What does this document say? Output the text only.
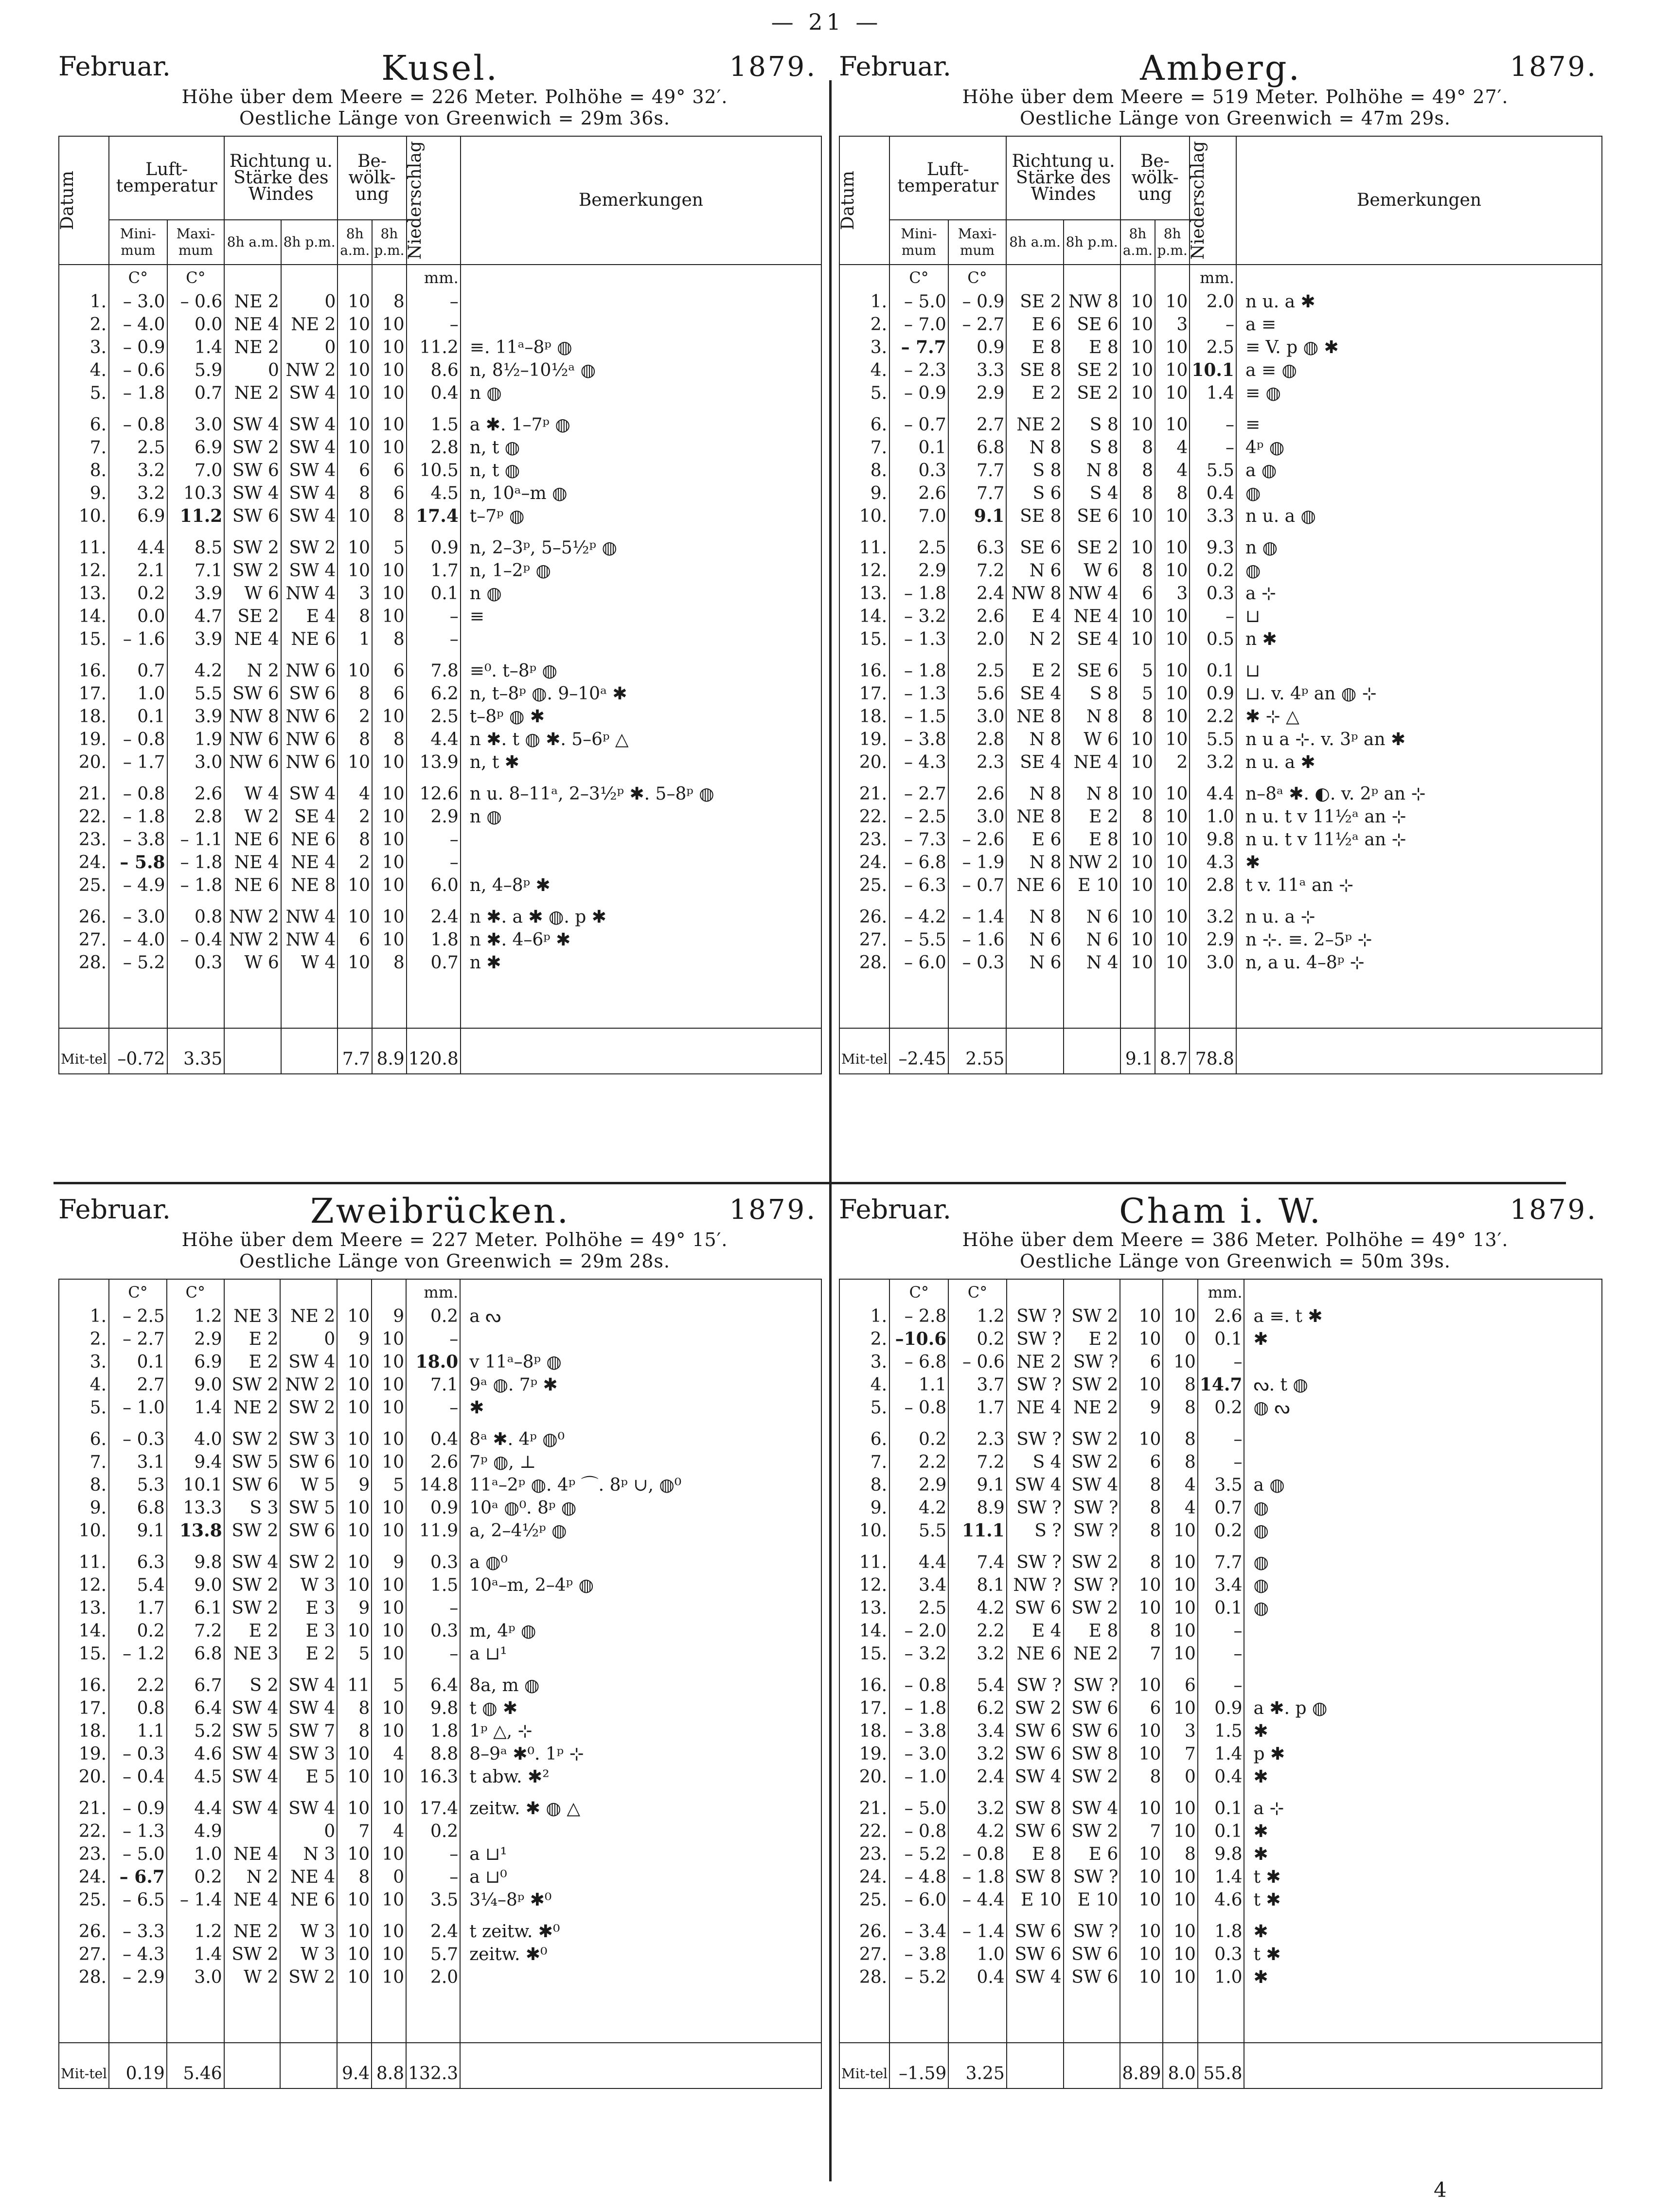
— 21 —
Februar.	Kusel.	1879.
Höhe über dem Meere = 226 Meter. Polhöhe = 49° 32′.
Oestliche Länge von Greenwich = 29m 36s.
Datum	Luft-temperatur		Richtung u. Stärke des Windes		Be-wölk-ung		Niederschlag	Bemerkungen
	Mini-mum	Maxi-mum	8h a.m.	8h p.m.	8h a.m.	8h p.m.		
	C°	C°					mm.	
1.	– 3.0	– 0.6	NE 2	0	10	8	–	
2.	– 4.0	0.0	NE 4	NE 2	10	10	–	
3.	– 0.9	1.4	NE 2	0	10	10	11.2	≡. 11ᵃ–8ᵖ ◍
4.	– 0.6	5.9	0	NW 2	10	10	8.6	n, 8½–10½ᵃ ◍
5.	– 1.8	0.7	NE 2	SW 4	10	10	0.4	n ◍
6.	– 0.8	3.0	SW 4	SW 4	10	10	1.5	a ✱. 1–7ᵖ ◍
7.	2.5	6.9	SW 2	SW 4	10	10	2.8	n, t ◍
8.	3.2	7.0	SW 6	SW 4	6	6	10.5	n, t ◍
9.	3.2	10.3	SW 4	SW 4	8	6	4.5	n, 10ᵃ–m ◍
10.	6.9	11.2	SW 6	SW 4	10	8	17.4	t–7ᵖ ◍
11.	4.4	8.5	SW 2	SW 2	10	5	0.9	n, 2–3ᵖ, 5–5½ᵖ ◍
12.	2.1	7.1	SW 2	SW 4	10	10	1.7	n, 1–2ᵖ ◍
13.	0.2	3.9	W 6	NW 4	3	10	0.1	n ◍
14.	0.0	4.7	SE 2	E 4	8	10	–	≡
15.	– 1.6	3.9	NE 4	NE 6	1	8	–	
16.	0.7	4.2	N 2	NW 6	10	6	7.8	≡⁰. t–8ᵖ ◍
17.	1.0	5.5	SW 6	SW 6	8	6	6.2	n, t–8ᵖ ◍. 9–10ᵃ ✱
18.	0.1	3.9	NW 8	NW 6	2	10	2.5	t–8ᵖ ◍ ✱
19.	– 0.8	1.9	NW 6	NW 6	8	8	4.4	n ✱. t ◍ ✱. 5–6ᵖ △
20.	– 1.7	3.0	NW 6	NW 6	10	10	13.9	n, t ✱
21.	– 0.8	2.6	W 4	SW 4	4	10	12.6	n u. 8–11ᵃ, 2–3½ᵖ ✱. 5–8ᵖ ◍
22.	– 1.8	2.8	W 2	SE 4	2	10	2.9	n ◍
23.	– 3.8	– 1.1	NE 6	NE 6	8	10	–	
24.	– 5.8	– 1.8	NE 4	NE 4	2	10	–	
25.	– 4.9	– 1.8	NE 6	NE 8	10	10	6.0	n, 4–8ᵖ ✱
26.	– 3.0	0.8	NW 2	NW 4	10	10	2.4	n ✱. a ✱ ◍. p ✱
27.	– 4.0	– 0.4	NW 2	NW 4	6	10	1.8	n ✱. 4–6ᵖ ✱
28.	– 5.2	0.3	W 6	W 4	10	8	0.7	n ✱

Mit-tel	–0.72	3.35			7.7	8.9	120.8	
Februar.	Amberg.	1879.
Höhe über dem Meere = 519 Meter. Polhöhe = 49° 27′.
Oestliche Länge von Greenwich = 47m 29s.
Datum	Luft-temperatur		Richtung u. Stärke des Windes		Be-wölk-ung		Niederschlag	Bemerkungen
	Mini-mum	Maxi-mum	8h a.m.	8h p.m.	8h a.m.	8h p.m.		
	C°	C°					mm.	
1.	– 5.0	– 0.9	SE 2	NW 8	10	10	2.0	n u. a ✱
2.	– 7.0	– 2.7	E 6	SE 6	10	3	–	a ≡
3.	– 7.7	0.9	E 8	E 8	10	10	2.5	≡ V. p ◍ ✱
4.	– 2.3	3.3	SE 8	SE 2	10	10	10.1	a ≡ ◍
5.	– 0.9	2.9	E 2	SE 2	10	10	1.4	≡ ◍
6.	– 0.7	2.7	NE 2	S 8	10	10	–	≡
7.	0.1	6.8	N 8	S 8	8	4	–	4ᵖ ◍
8.	0.3	7.7	S 8	N 8	8	4	5.5	a ◍
9.	2.6	7.7	S 6	S 4	8	8	0.4	◍
10.	7.0	9.1	SE 8	SE 6	10	10	3.3	n u. a ◍
11.	2.5	6.3	SE 6	SE 2	10	10	9.3	n ◍
12.	2.9	7.2	N 6	W 6	8	10	0.2	◍
13.	– 1.8	2.4	NW 8	NW 4	6	3	0.3	a ⊹
14.	– 3.2	2.6	E 4	NE 4	10	10	–	⊔
15.	– 1.3	2.0	N 2	SE 4	10	10	0.5	n ✱
16.	– 1.8	2.5	E 2	SE 6	5	10	0.1	⊔
17.	– 1.3	5.6	SE 4	S 8	5	10	0.9	⊔. v. 4ᵖ an ◍ ⊹
18.	– 1.5	3.0	NE 8	N 8	8	10	2.2	✱ ⊹ △
19.	– 3.8	2.8	N 8	W 6	10	10	5.5	n u a ⊹. v. 3ᵖ an ✱
20.	– 4.3	2.3	SE 4	NE 4	10	2	3.2	n u. a ✱
21.	– 2.7	2.6	N 8	N 8	10	10	4.4	n–8ᵃ ✱. ◐. v. 2ᵖ an ⊹
22.	– 2.5	3.0	NE 8	E 2	8	10	1.0	n u. t v 11½ᵃ an ⊹
23.	– 7.3	– 2.6	E 6	E 8	10	10	9.8	n u. t v 11½ᵃ an ⊹
24.	– 6.8	– 1.9	N 8	NW 2	10	10	4.3	✱
25.	– 6.3	– 0.7	NE 6	E 10	10	10	2.8	t v. 11ᵃ an ⊹
26.	– 4.2	– 1.4	N 8	N 6	10	10	3.2	n u. a ⊹
27.	– 5.5	– 1.6	N 6	N 6	10	10	2.9	n ⊹. ≡. 2–5ᵖ ⊹
28.	– 6.0	– 0.3	N 6	N 4	10	10	3.0	n, a u. 4–8ᵖ ⊹

Mit-tel	–2.45	2.55			9.1	8.7	78.8	
Februar.	Zweibrücken.	1879.
Höhe über dem Meere = 227 Meter. Polhöhe = 49° 15′.
Oestliche Länge von Greenwich = 29m 28s.
	C°	C°					mm.	
1.	– 2.5	1.2	NE 3	NE 2	10	9	0.2	a ᔓ
2.	– 2.7	2.9	E 2	0	9	10	–	
3.	0.1	6.9	E 2	SW 4	10	10	18.0	v 11ᵃ–8ᵖ ◍
4.	2.7	9.0	SW 2	NW 2	10	10	7.1	9ᵃ ◍. 7ᵖ ✱
5.	– 1.0	1.4	NE 2	SW 2	10	10	–	✱
6.	– 0.3	4.0	SW 2	SW 3	10	10	0.4	8ᵃ ✱. 4ᵖ ◍⁰
7.	3.1	9.4	SW 5	SW 6	10	10	2.6	7ᵖ ◍, ⊥
8.	5.3	10.1	SW 6	W 5	9	5	14.8	11ᵃ–2ᵖ ◍. 4ᵖ ⌒. 8ᵖ ∪, ◍⁰
9.	6.8	13.3	S 3	SW 5	10	10	0.9	10ᵃ ◍⁰. 8ᵖ ◍
10.	9.1	13.8	SW 2	SW 6	10	10	11.9	a, 2–4½ᵖ ◍
11.	6.3	9.8	SW 4	SW 2	10	9	0.3	a ◍⁰
12.	5.4	9.0	SW 2	W 3	10	10	1.5	10ᵃ–m, 2–4ᵖ ◍
13.	1.7	6.1	SW 2	E 3	9	10	–	
14.	0.2	7.2	E 2	E 3	10	10	0.3	m, 4ᵖ ◍
15.	– 1.2	6.8	NE 3	E 2	5	10	–	a ⊔¹
16.	2.2	6.7	S 2	SW 4	11	5	6.4	8a, m ◍
17.	0.8	6.4	SW 4	SW 4	8	10	9.8	t ◍ ✱
18.	1.1	5.2	SW 5	SW 7	8	10	1.8	1ᵖ △, ⊹
19.	– 0.3	4.6	SW 4	SW 3	10	4	8.8	8–9ᵃ ✱⁰. 1ᵖ ⊹
20.	– 0.4	4.5	SW 4	E 5	10	10	16.3	t abw. ✱²
21.	– 0.9	4.4	SW 4	SW 4	10	10	17.4	zeitw. ✱ ◍ △
22.	– 1.3	4.9		0	7	4	0.2	
23.	– 5.0	1.0	NE 4	N 3	10	10	–	a ⊔¹
24.	– 6.7	0.2	N 2	NE 4	8	0	–	a ⊔⁰
25.	– 6.5	– 1.4	NE 4	NE 6	10	10	3.5	3¼–8ᵖ ✱⁰
26.	– 3.3	1.2	NE 2	W 3	10	10	2.4	t zeitw. ✱⁰
27.	– 4.3	1.4	SW 2	W 3	10	10	5.7	zeitw. ✱⁰
28.	– 2.9	3.0	W 2	SW 2	10	10	2.0	

Mit-tel	0.19	5.46			9.4	8.8	132.3	
Februar.	Cham i. W.	1879.
Höhe über dem Meere = 386 Meter. Polhöhe = 49° 13′.
Oestliche Länge von Greenwich = 50m 39s.
	C°	C°					mm.	
1.	– 2.8	1.2	SW ?	SW 2	10	10	2.6	a ≡. t ✱
2.	–10.6	0.2	SW ?	E 2	10	0	0.1	✱
3.	– 6.8	– 0.6	NE 2	SW ?	6	10	–	
4.	1.1	3.7	SW ?	SW 2	10	8	14.7	ᔓ. t ◍
5.	– 0.8	1.7	NE 4	NE 2	9	8	0.2	◍ ᔓ
6.	0.2	2.3	SW ?	SW 2	10	8	–	
7.	2.2	7.2	S 4	SW 2	6	8	–	
8.	2.9	9.1	SW 4	SW 4	8	4	3.5	a ◍
9.	4.2	8.9	SW ?	SW ?	8	4	0.7	◍
10.	5.5	11.1	S ?	SW ?	8	10	0.2	◍
11.	4.4	7.4	SW ?	SW 2	8	10	7.7	◍
12.	3.4	8.1	NW ?	SW ?	10	10	3.4	◍
13.	2.5	4.2	SW 6	SW 2	10	10	0.1	◍
14.	– 2.0	2.2	E 4	E 8	8	10	–	
15.	– 3.2	3.2	NE 6	NE 2	7	10	–	
16.	– 0.8	5.4	SW ?	SW ?	10	6	–	
17.	– 1.8	6.2	SW 2	SW 6	6	10	0.9	a ✱. p ◍
18.	– 3.8	3.4	SW 6	SW 6	10	3	1.5	✱
19.	– 3.0	3.2	SW 6	SW 8	10	7	1.4	p ✱
20.	– 1.0	2.4	SW 4	SW 2	8	0	0.4	✱
21.	– 5.0	3.2	SW 8	SW 4	10	10	0.1	a ⊹
22.	– 0.8	4.2	SW 6	SW 2	7	10	0.1	✱
23.	– 5.2	– 0.8	E 8	E 6	10	8	9.8	✱
24.	– 4.8	– 1.8	SW 8	SW ?	10	10	1.4	t ✱
25.	– 6.0	– 4.4	E 10	E 10	10	10	4.6	t ✱
26.	– 3.4	– 1.4	SW 6	SW ?	10	10	1.8	✱
27.	– 3.8	1.0	SW 6	SW 6	10	10	0.3	t ✱
28.	– 5.2	0.4	SW 4	SW 6	10	10	1.0	✱

Mit-tel	–1.59	3.25			8.89	8.0	55.8	
4
